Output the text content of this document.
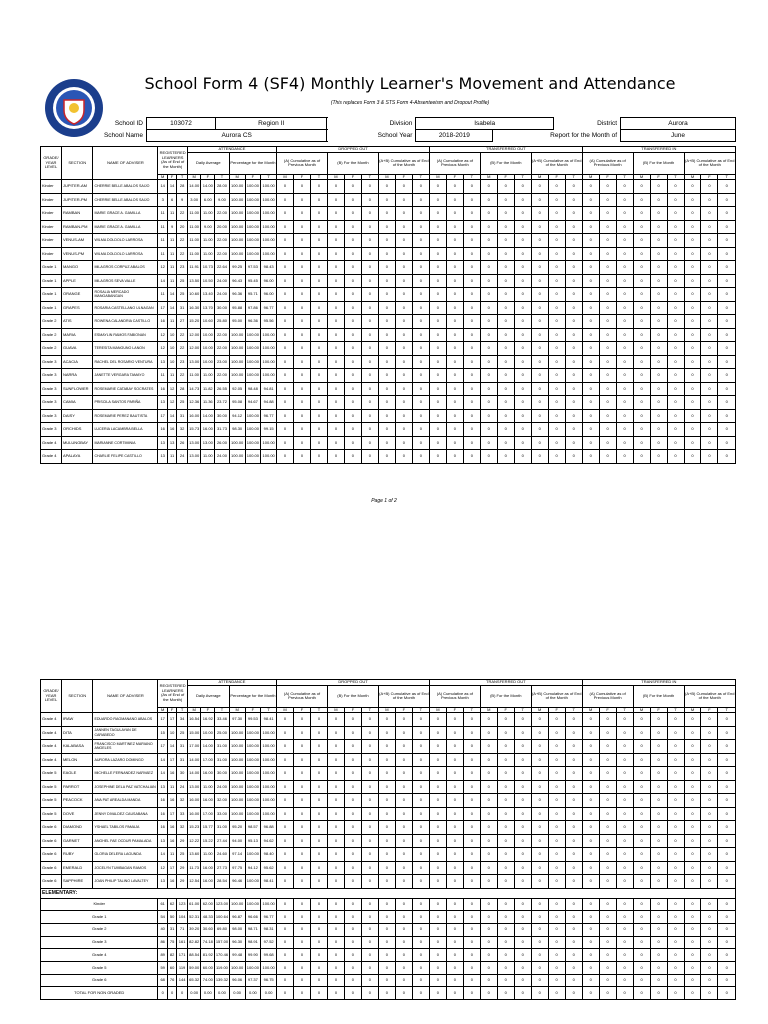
School Form 4 (SF4) Monthly Learner's Movement and Attendance
(This replaces Form 3 & STS Form 4-Absenteeism and Dropout Profile)
School ID	103072	Region II		Division	Isabela		District	Aurora
School Name	Aurora CS			School Year	2018-2019	Report for the Month of		June
GRADE/ YEAR LEVEL	SECTION	NAME OF ADVISER	REGISTERED LEARNERS (As of End of the Month)			ATTENDANCE						DROPPED OUT									TRANSFERRED OUT									TRANSFERRED IN								
						Daily Average			Percentage for the Month			(A) Cumulative as of Previous Month			(B) For the Month			(A+B) Cumulative as of End of the Month			(A) Cumulative as of Previous Month			(B) For the Month			(A+B) Cumulative as of End of the Month			(A) Cumulative as of Previous Month			(B) For the Month			(A+B) Cumulative as of End of the Month		
			M	F	T	M	F	T	M	F	T	M	F	T	M	F	T	M	F	T	M	F	T	M	F	T	M	F	T	M	F	T	M	F	T	M	F	T
Kinder	JUPITER-AM	CHERRIE BELLE ABALOS SAIJO	14	14	28	14.00	14.00	28.00	100.00	100.00	100.00	0	0	0	0	0	0	0	0	0	0	0	0	0	0	0	0	0	0	0	0	0	0	0	0	0	0	0
Kinder	JUPITER-PM	CHERRIE BELLE ABALOS SAIJO	3	6	9	3.00	6.00	9.00	100.00	100.00	100.00	0	0	0	0	0	0	0	0	0	0	0	0	0	0	0	0	0	0	0	0	0	0	0	0	0	0	0
Kinder	RAMBAN	MARIE GRACE A. GAMILLA	11	11	22	11.00	11.00	22.00	100.00	100.00	100.00	0	0	0	0	0	0	0	0	0	0	0	0	0	0	0	0	0	0	0	0	0	0	0	0	0	0	0
Kinder	RAMBAN-PM	MARIE GRACE A. GAMILLA	11	9	20	11.00	9.00	20.00	100.00	100.00	100.00	0	0	0	0	0	0	0	0	0	0	0	0	0	0	0	0	0	0	0	0	0	0	0	0	0	0	0
Kinder	VENUS-AM	WILMA DOLDOLO LARROSA	11	11	22	11.00	11.00	22.00	100.00	100.00	100.00	0	0	0	0	0	0	0	0	0	0	0	0	0	0	0	0	0	0	0	0	0	0	0	0	0	0	0
Kinder	VENUS-PM	WILMA DOLDOLO LARROSA	11	11	22	11.00	11.00	22.00	100.00	100.00	100.00	0	0	0	0	0	0	0	0	0	0	0	0	0	0	0	0	0	0	0	0	0	0	0	0	0	0	0
Grade 1	MANGO	MILAGROS CORPUZ ABALOS	12	11	23	11.91	10.73	22.64	99.25	97.53	98.43	0	0	0	0	0	0	0	0	0	0	0	0	0	0	0	0	0	0	0	0	0	0	0	0	0	0	0
Grade 1	APPLE	MILAGROS SEVA VALLE	14	11	25	13.50	10.50	24.00	96.43	95.45	96.00	0	0	0	0	0	0	0	0	0	0	0	0	0	0	0	0	0	0	0	0	0	0	0	0	0	0	0
Grade 1	ORANGE	ROSALIA MERCADO MANGABANGAN	11	14	25	10.60	13.40	24.00	96.36	95.71	96.00	0	0	0	0	0	0	0	0	0	0	0	0	0	0	0	0	0	0	0	0	0	0	0	0	0	0	0
Grade 1	GRAPES	ROSARIA CASTELLANO ULNAGAN	17	14	31	16.30	13.70	30.00	95.88	97.86	96.77	0	0	0	0	0	0	0	0	0	0	0	0	0	0	0	0	0	0	0	0	0	0	0	0	0	0	0
Grade 2	ATIS	ROWENA CALANDRIA CASTILLO	16	11	27	15.20	10.60	25.80	95.00	96.36	95.56	0	0	0	0	0	0	0	0	0	0	0	0	0	0	0	0	0	0	0	0	0	0	0	0	0	0	0
Grade 2	MARIA	ESMAYLIN RAMOS FABIONAN	12	10	22	12.00	10.00	22.00	100.00	100.00	100.00	0	0	0	0	0	0	0	0	0	0	0	0	0	0	0	0	0	0	0	0	0	0	0	0	0	0	0
Grade 2	GUAVA	TERESITA MANGUNO LANON	12	10	22	12.00	10.00	22.00	100.00	100.00	100.00	0	0	0	0	0	0	0	0	0	0	0	0	0	0	0	0	0	0	0	0	0	0	0	0	0	0	0
Grade 3	ACACIA	RACHEL DEL ROSARIO VENTURA	13	10	23	13.00	10.00	23.00	100.00	100.00	100.00	0	0	0	0	0	0	0	0	0	0	0	0	0	0	0	0	0	0	0	0	0	0	0	0	0	0	0
Grade 3	NARRA	JANETTE VERGARA TAMAYO	11	11	22	11.00	11.00	22.00	100.00	100.00	100.00	0	0	0	0	0	0	0	0	0	0	0	0	0	0	0	0	0	0	0	0	0	0	0	0	0	0	0
Grade 3	SUNFLOWER	ROSEMARIE CATABAY SOCRATES	16	12	28	14.73	11.82	26.55	92.05	98.48	94.81	0	0	0	0	0	0	0	0	0	0	0	0	0	0	0	0	0	0	0	0	0	0	0	0	0	0	0
Grade 3	CAMIA	PRISCILA SANTOS PARIÑA	13	12	25	12.36	11.36	23.72	95.08	94.67	94.88	0	0	0	0	0	0	0	0	0	0	0	0	0	0	0	0	0	0	0	0	0	0	0	0	0	0	0
Grade 3	DAISY	ROSEMARIE PEREZ BAUTISTA	17	14	31	16.00	14.00	30.00	94.12	100.00	96.77	0	0	0	0	0	0	0	0	0	0	0	0	0	0	0	0	0	0	0	0	0	0	0	0	0	0	0
Grade 3	ORCHIDS	LUCERIA LACAMBRA BELLA	16	16	32	15.73	16.00	31.73	98.30	100.00	99.15	0	0	0	0	0	0	0	0	0	0	0	0	0	0	0	0	0	0	0	0	0	0	0	0	0	0	0
Grade 4	MULUNGBAY	MARIANNE CORTIMINIA	13	13	26	13.00	13.00	26.00	100.00	100.00	100.00	0	0	0	0	0	0	0	0	0	0	0	0	0	0	0	0	0	0	0	0	0	0	0	0	0	0	0
Grade 4	APALAYA	CHARLIE FELIPE CASTILLO	13	11	24	13.00	11.00	24.00	100.00	100.00	100.00	0	0	0	0	0	0	0	0	0	0	0	0	0	0	0	0	0	0	0	0	0	0	0	0	0	0	0
Page 1 of 2
GRADE/ YEAR LEVEL	SECTION	NAME OF ADVISER	REGISTERED LEARNERS (As of End of the Month)			ATTENDANCE						DROPPED OUT									TRANSFERRED OUT									TRANSFERRED IN								
						Daily Average			Percentage for the Month			(A) Cumulative as of Previous Month			(B) For the Month			(A+B) Cumulative as of End of the Month			(A) Cumulative as of Previous Month			(B) For the Month			(A+B) Cumulative as of End of the Month			(A) Cumulative as of Previous Month			(B) For the Month			(A+B) Cumulative as of End of the Month		
			M	F	T	M	F	T	M	F	T	M	F	T	M	F	T	M	F	T	M	F	T	M	F	T	M	F	T	M	F	T	M	F	T	M	F	T
Grade 4	IRAW	EDUARDO RAGMANANO ABALOS	17	17	34	16.54	16.92	33.46	97.30	99.53	98.41	0	0	0	0	0	0	0	0	0	0	0	0	0	0	0	0	0	0	0	0	0	0	0	0	0	0	0
Grade 4	DITA	JANNEN TAGULAYAN DE CARABEDO	15	10	25	15.00	10.00	25.00	100.00	100.00	100.00	0	0	0	0	0	0	0	0	0	0	0	0	0	0	0	0	0	0	0	0	0	0	0	0	0	0	0
Grade 4	KALABASA	FRANCISCO MARTINEZ MARIANO ANGELES	17	14	31	17.00	14.00	31.00	100.00	100.00	100.00	0	0	0	0	0	0	0	0	0	0	0	0	0	0	0	0	0	0	0	0	0	0	0	0	0	0	0
Grade 4	MELON	AURORA LAZARO DOMINGO	14	17	31	14.00	17.00	31.00	100.00	100.00	100.00	0	0	0	0	0	0	0	0	0	0	0	0	0	0	0	0	0	0	0	0	0	0	0	0	0	0	0
Grade 5	EAGLE	MICHELLE FERNANDEZ NARVAEZ	14	16	30	14.00	16.00	30.00	100.00	100.00	100.00	0	0	0	0	0	0	0	0	0	0	0	0	0	0	0	0	0	0	0	0	0	0	0	0	0	0	0
Grade 5	PARROT	JOSEPHINE DELA PAZ VATCHALIAN	13	11	24	13.00	11.00	24.00	100.00	100.00	100.00	0	0	0	0	0	0	0	0	0	0	0	0	0	0	0	0	0	0	0	0	0	0	0	0	0	0	0
Grade 5	PEACOCK	ANA PAT AREALDA MANDA	16	16	32	16.00	16.00	32.00	100.00	100.00	100.00	0	0	0	0	0	0	0	0	0	0	0	0	0	0	0	0	0	0	0	0	0	0	0	0	0	0	0
Grade 5	DOVE	JENNY DIVALDEZ CAUSABANA	16	17	33	16.00	17.00	33.00	100.00	100.00	100.00	0	0	0	0	0	0	0	0	0	0	0	0	0	0	0	0	0	0	0	0	0	0	0	0	0	0	0
Grade 6	DIAMOND	YSHAEL TABILOS PAMAJA	16	16	32	15.23	15.77	31.00	95.20	98.57	96.88	0	0	0	0	0	0	0	0	0	0	0	0	0	0	0	0	0	0	0	0	0	0	0	0	0	0	0
Grade 6	GARNET	ANGHEL FAE OCDUR PAMALADA	13	16	29	12.22	15.22	27.44	94.00	95.13	94.62	0	0	0	0	0	0	0	0	0	0	0	0	0	0	0	0	0	0	0	0	0	0	0	0	0	0	0
Grade 6	RUBY	GLORIA DELERA LAGUNDA	14	11	25	13.60	11.00	24.60	97.14	100.00	98.40	0	0	0	0	0	0	0	0	0	0	0	0	0	0	0	0	0	0	0	0	0	0	0	0	0	0	0
Grade 6	EMERALD	JOCELYN TUMBAGAN RAMOS	12	17	29	11.73	16.00	27.73	97.75	94.12	95.62	0	0	0	0	0	0	0	0	0	0	0	0	0	0	0	0	0	0	0	0	0	0	0	0	0	0	0
Grade 6	SAPPHIRE	JOAN PHILIP TALINO LAVALTEY	13	16	29	12.54	16.00	28.54	96.46	100.00	98.41	0	0	0	0	0	0	0	0	0	0	0	0	0	0	0	0	0	0	0	0	0	0	0	0	0	0	0
ELEMENTARY:																																						
Kinder			61	62	123	61.00	62.00	123.00	100.00	100.00	100.00	0	0	0	0	0	0	0	0	0	0	0	0	0	0	0	0	0	0	0	0	0	0	0	0	0	0	0
Grade 1			54	50	104	52.31	48.33	100.64	96.87	96.66	96.77	0	0	0	0	0	0	0	0	0	0	0	0	0	0	0	0	0	0	0	0	0	0	0	0	0	0	0
Grade 2			40	31	71	39.20	30.60	69.80	98.00	98.71	98.31	0	0	0	0	0	0	0	0	0	0	0	0	0	0	0	0	0	0	0	0	0	0	0	0	0	0	0
Grade 3			86	75	161	82.82	74.18	157.00	96.30	98.91	97.52	0	0	0	0	0	0	0	0	0	0	0	0	0	0	0	0	0	0	0	0	0	0	0	0	0	0	0
Grade 4			89	82	171	88.54	81.92	170.46	99.48	99.90	99.68	0	0	0	0	0	0	0	0	0	0	0	0	0	0	0	0	0	0	0	0	0	0	0	0	0	0	0
Grade 5			59	60	119	59.00	60.00	119.00	100.00	100.00	100.00	0	0	0	0	0	0	0	0	0	0	0	0	0	0	0	0	0	0	0	0	0	0	0	0	0	0	0
Grade 6			68	76	144	65.32	74.00	139.32	96.06	97.37	96.75	0	0	0	0	0	0	0	0	0	0	0	0	0	0	0	0	0	0	0	0	0	0	0	0	0	0	0
TOTAL FOR NON GRADED			0	0	0	0.00	0.00	0.00	0.00	0.00	0.00	0	0	0	0	0	0	0	0	0	0	0	0	0	0	0	0	0	0	0	0	0	0	0	0	0	0	0
